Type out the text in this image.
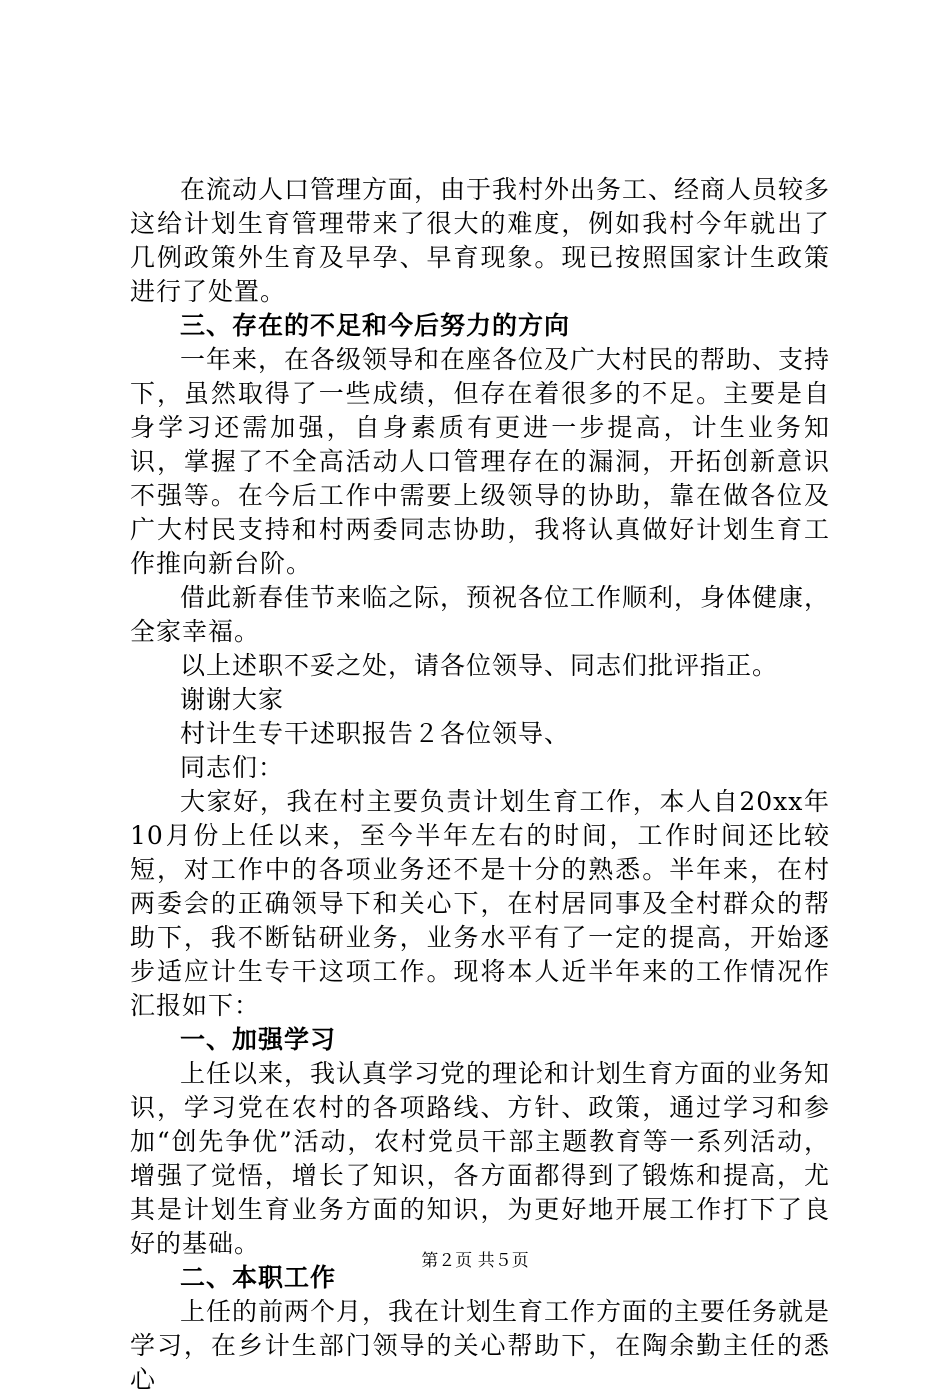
在流动人口管理方面，由于我村外出务工、经商人员较多这给计划生育管理带来了很大的难度，例如我村今年就出了几例政策外生育及早孕、早育现象。现已按照国家计生政策进行了处置。

三、存在的不足和今后努力的方向

一年来，在各级领导和在座各位及广大村民的帮助、支持下，虽然取得了一些成绩，但存在着很多的不足。主要是自身学习还需加强，自身素质有更进一步提高，计生业务知识，掌握了不全高活动人口管理存在的漏洞，开拓创新意识不强等。在今后工作中需要上级领导的协助，靠在做各位及广大村民支持和村两委同志协助，我将认真做好计划生育工作推向新台阶。

借此新春佳节来临之际，预祝各位工作顺利，身体健康，全家幸福。

以上述职不妥之处，请各位领导、同志们批评指正。

谢谢大家

村计生专干述职报告２各位领导、

同志们：

大家好，我在村主要负责计划生育工作，本人自20xx年10月份上任以来，至今半年左右的时间，工作时间还比较短，对工作中的各项业务还不是十分的熟悉。半年来，在村两委会的正确领导下和关心下，在村居同事及全村群众的帮助下，我不断钻研业务，业务水平有了一定的提高，开始逐步适应计生专干这项工作。现将本人近半年来的工作情况作汇报如下：

一、加强学习

上任以来，我认真学习党的理论和计划生育方面的业务知识，学习党在农村的各项路线、方针、政策，通过学习和参加“创先争优”活动，农村党员干部主题教育等一系列活动，增强了觉悟，增长了知识，各方面都得到了锻炼和提高，尤其是计划生育业务方面的知识，为更好地开展工作打下了良好的基础。

二、本职工作

上任的前两个月，我在计划生育工作方面的主要任务就是学习，在乡计生部门领导的关心帮助下，在陶余勤主任的悉心

第２页 共５页
